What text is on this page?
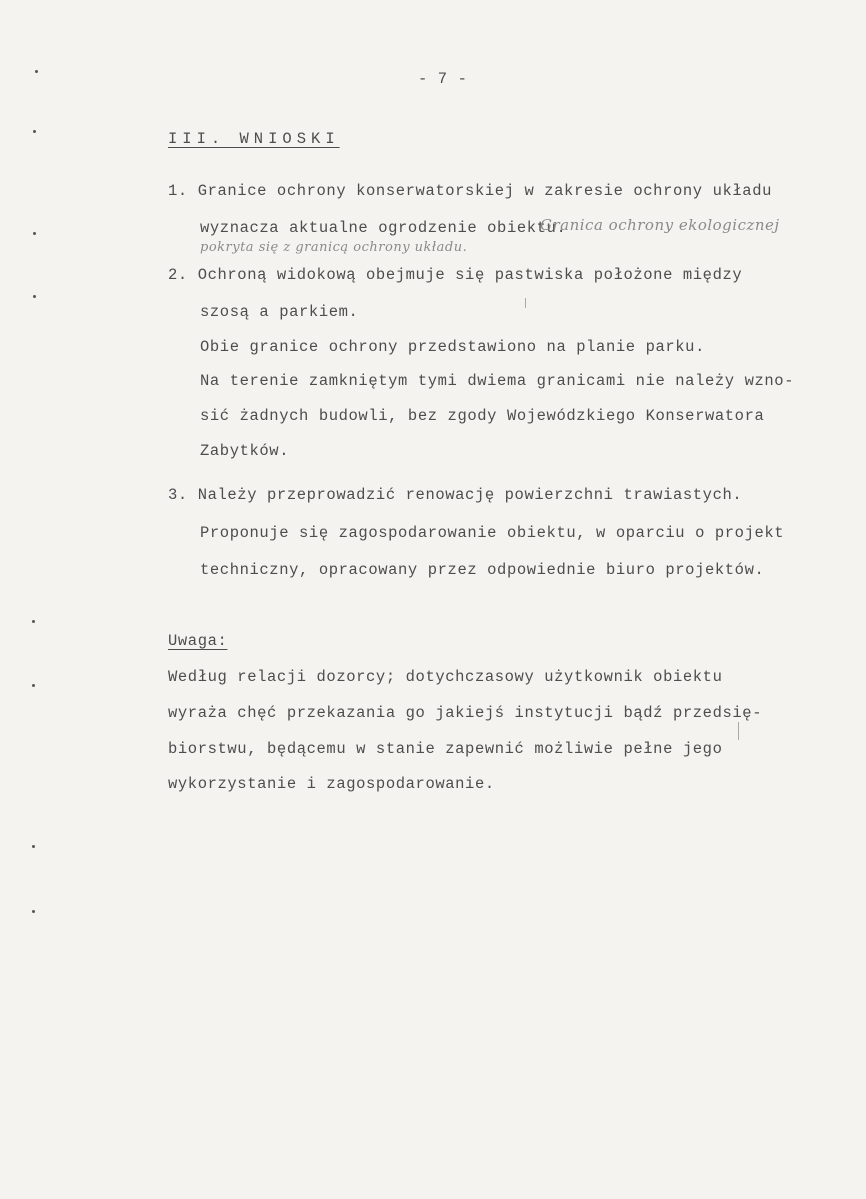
- 7 -
III. WNIOSKI
1. Granice ochrony konserwatorskiej w zakresie ochrony układu
wyznacza aktualne ogrodzenie obiektu.
Granica ochrony ekologicznej
pokryta się z granicą ochrony układu.
2. Ochroną widokową obejmuje się pastwiska położone między
szosą a parkiem.
Obie granice ochrony przedstawiono na planie parku.
Na terenie zamkniętym tymi dwiema granicami nie należy wzno-
sić żadnych budowli, bez zgody Wojewódzkiego Konserwatora
Zabytków.
3. Należy przeprowadzić renowację powierzchni trawiastych.
Proponuje się zagospodarowanie obiektu, w oparciu o projekt
techniczny, opracowany przez odpowiednie biuro projektów.
Uwaga:
Według relacji dozorcy; dotychczasowy użytkownik obiektu
wyraża chęć przekazania go jakiejś instytucji bądź przedsię-
biorstwu, będącemu w stanie zapewnić możliwie pełne jego
wykorzystanie i zagospodarowanie.
